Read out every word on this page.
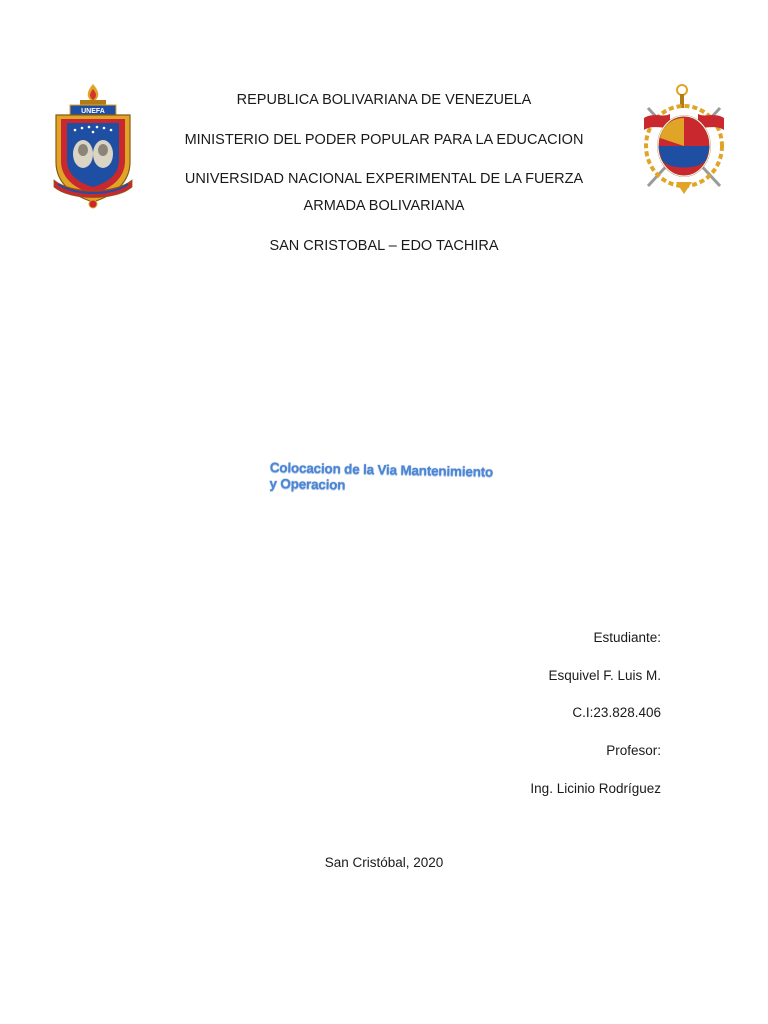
UNEFA
REPUBLICA BOLIVARIANA DE VENEZUELA
MINISTERIO DEL PODER POPULAR PARA LA EDUCACION
UNIVERSIDAD NACIONAL EXPERIMENTAL DE LA FUERZA
ARMADA BOLIVARIANA
SAN CRISTOBAL – EDO TACHIRA
Colocacion de la Via Mantenimiento
y Operacion
Estudiante:
Esquivel F. Luis M.
C.I:23.828.406
Profesor:
Ing. Licinio Rodríguez
San Cristóbal, 2020
